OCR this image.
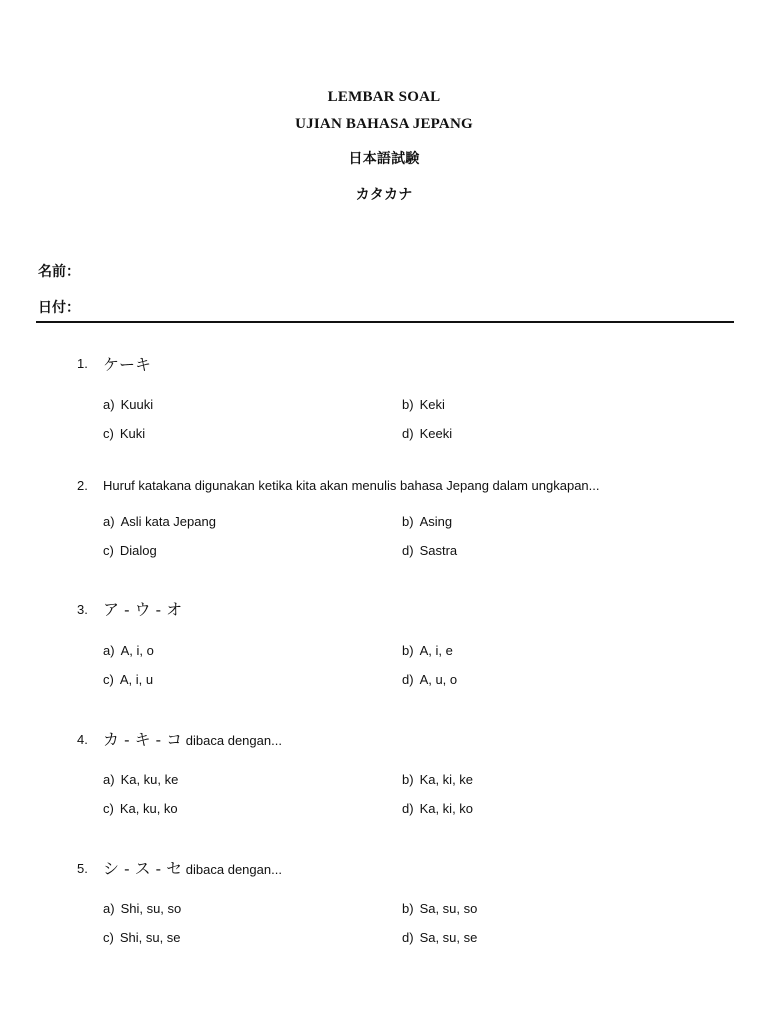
LEMBAR SOAL
UJIAN BAHASA JEPANG
日本語試験
カタカナ
名前：
日付：
1. ケーキ
a) Kuuki	b) Keki
c) Kuki	d) Keeki
2. Huruf katakana digunakan ketika kita akan menulis bahasa Jepang dalam ungkapan...
a) Asli kata Jepang	b) Asing
c) Dialog	d) Sastra
3. ア - ウ - オ
a) A, i, o	b) A, i, e
c) A, i, u	d) A, u, o
4. カ - キ - コ dibaca dengan...
a) Ka, ku, ke	b) Ka, ki, ke
c) Ka, ku, ko	d) Ka, ki, ko
5. シ - ス - セ dibaca dengan...
a) Shi, su, so	b) Sa, su, so
c) Shi, su, se	d) Sa, su, se
